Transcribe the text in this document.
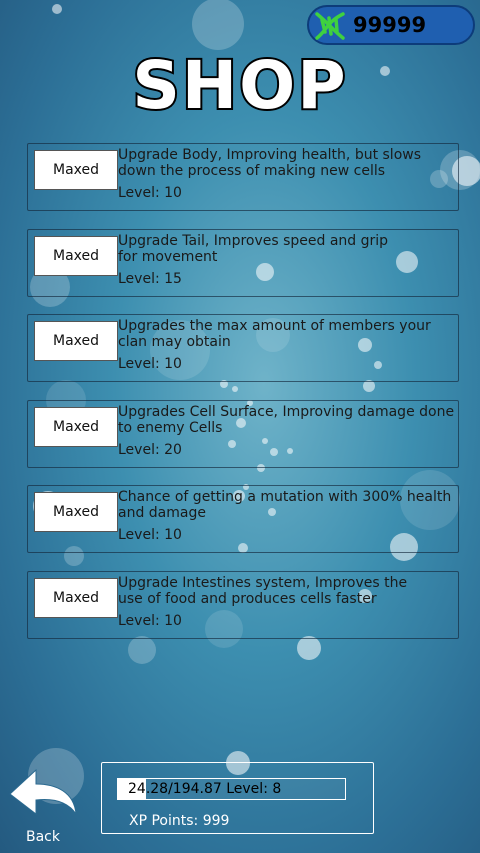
99999
SHOP
Maxed
Upgrade Body, Improving health, but slows down the process of making new cells
Level: 10
Maxed
Upgrade Tail, Improves speed and grip for movement
Level: 15
Maxed
Upgrades the max amount of members your clan may obtain
Level: 10
Maxed
Upgrades Cell Surface, Improving damage done to enemy Cells
Level: 20
Maxed
Chance of getting a mutation with 300% health and damage
Level: 10
Maxed
Upgrade Intestines system, Improves the use of food and produces cells faster
Level: 10
Back
24.28/194.87 Level: 8
XP Points: 999
